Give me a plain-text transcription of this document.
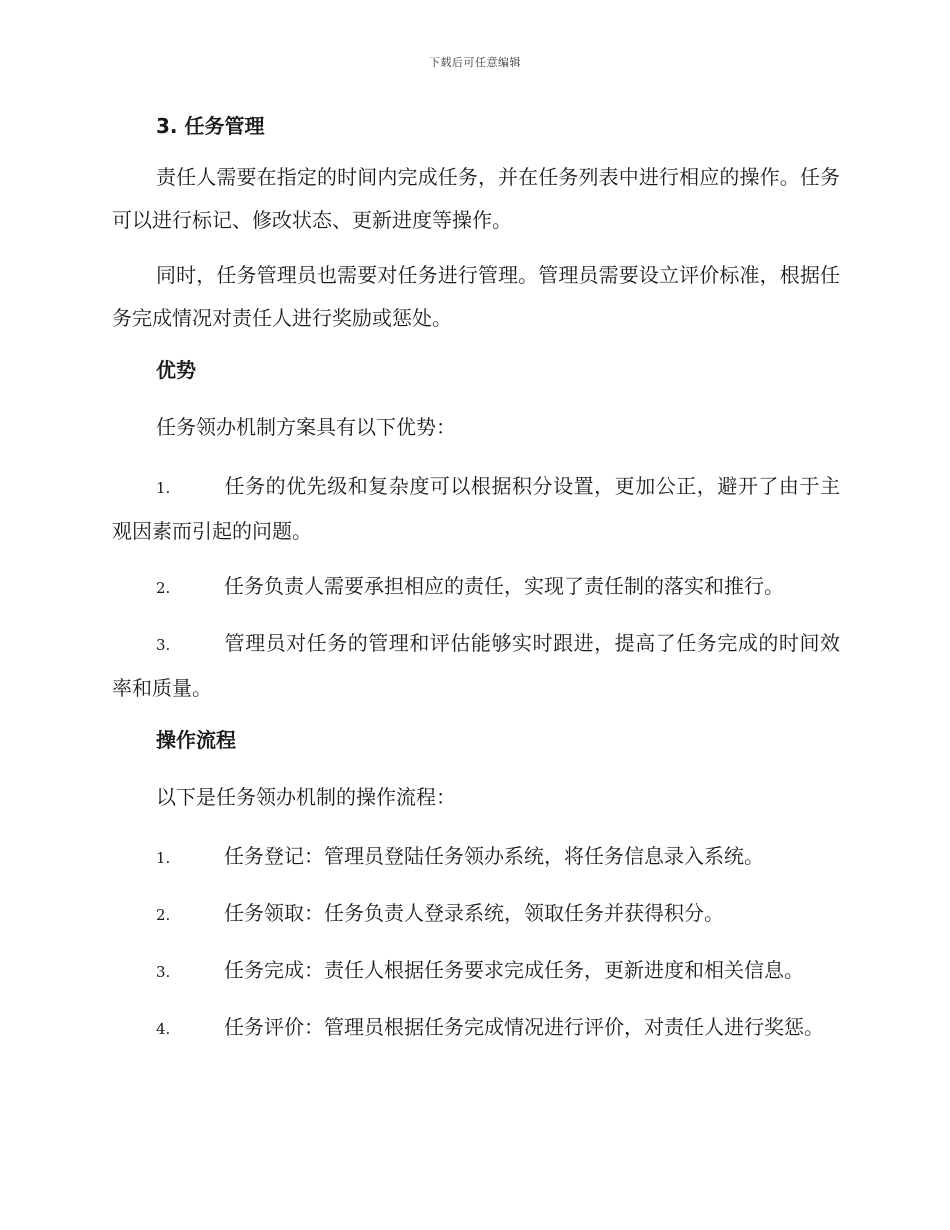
下载后可任意编辑
3. 任务管理

责任人需要在指定的时间内完成任务，并在任务列表中进行相应的操作。任务可以进行标记、修改状态、更新进度等操作。

同时，任务管理员也需要对任务进行管理。管理员需要设立评价标准，根据任务完成情况对责任人进行奖励或惩处。

优势

任务领办机制方案具有以下优势：

1.	任务的优先级和复杂度可以根据积分设置，更加公正，避开了由于主观因素而引起的问题。

2.	任务负责人需要承担相应的责任，实现了责任制的落实和推行。

3.	管理员对任务的管理和评估能够实时跟进，提高了任务完成的时间效率和质量。

操作流程

以下是任务领办机制的操作流程：

1.	任务登记：管理员登陆任务领办系统，将任务信息录入系统。

2.	任务领取：任务负责人登录系统，领取任务并获得积分。

3.	任务完成：责任人根据任务要求完成任务，更新进度和相关信息。

4.	任务评价：管理员根据任务完成情况进行评价，对责任人进行奖惩。
